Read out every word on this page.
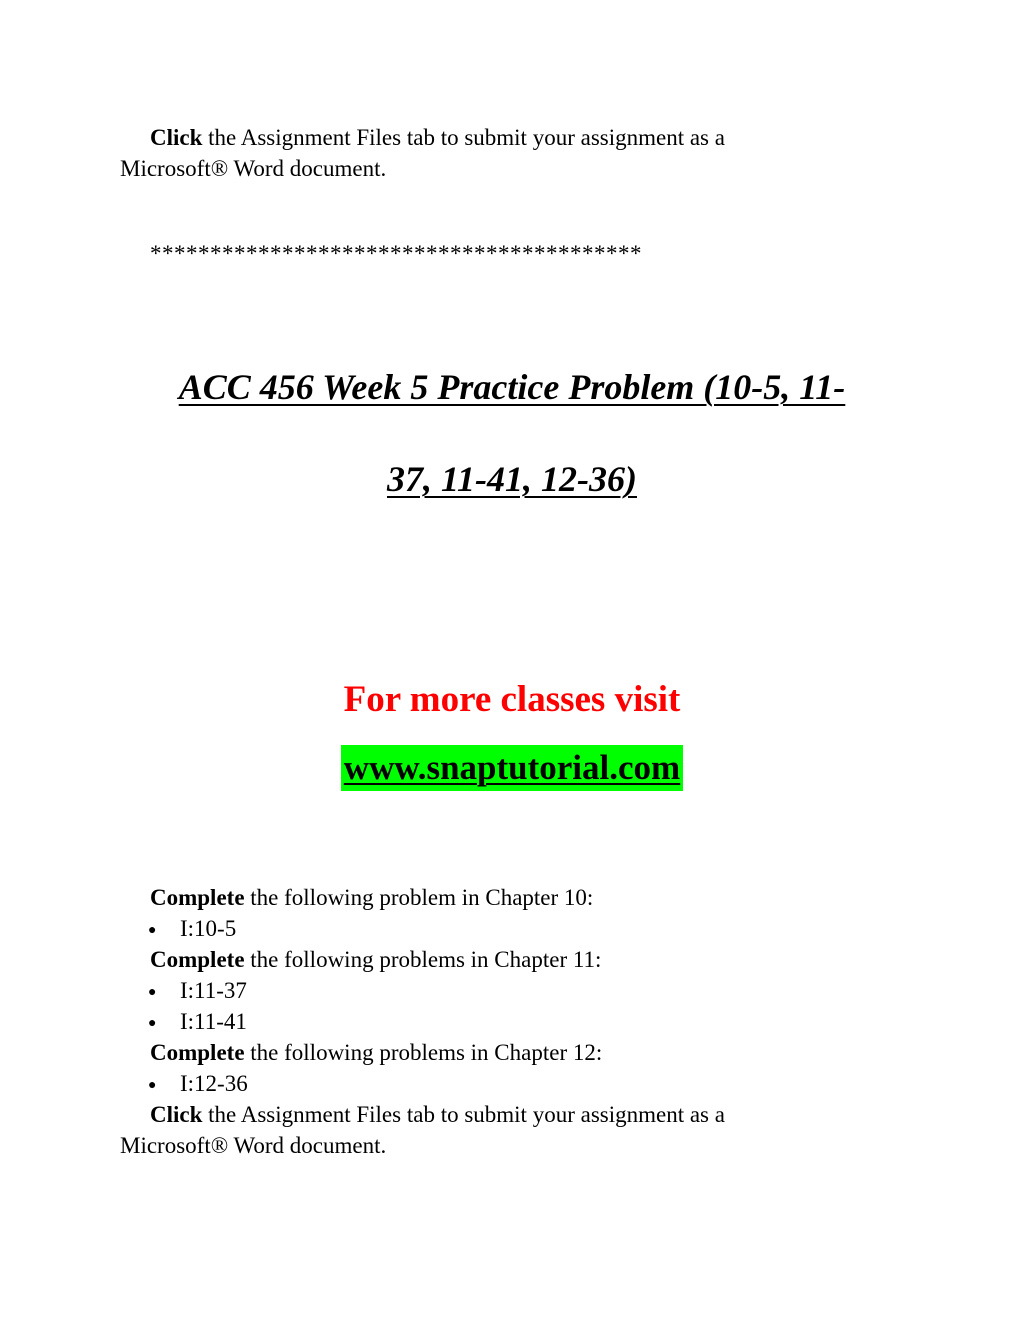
Click the Assignment Files tab to submit your assignment as a
Microsoft® Word document.
*****************************************
ACC 456 Week 5 Practice Problem (10-5, 11-
37, 11-41, 12-36)
For more classes visit
www.snaptutorial.com
Complete the following problem in Chapter 10:
● I:10-5
Complete the following problems in Chapter 11:
● I:11-37
● I:11-41
Complete the following problems in Chapter 12:
● I:12-36
Click the Assignment Files tab to submit your assignment as a
Microsoft® Word document.
